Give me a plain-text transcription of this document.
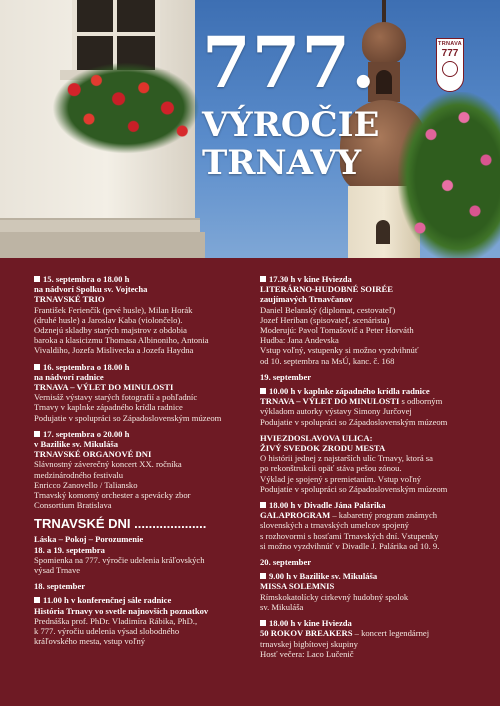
777.
VÝROČIE
TRNAVY
TRNAVA
777
15. septembra o 18.00 h
na nádvorí Spolku sv. Vojtecha
TRNAVSKÉ TRIO
František Ferienčík (prvé husle), Milan Horák
(druhé husle) a Jaroslav Kaba (violončelo).
Odznejú skladby starých majstrov z obdobia
baroka a klasicizmu Thomasa Albinoniho, Antonia
Vivaldiho, Jozefa Mislivecka a Jozefa Haydna
16. septembra o 18.00 h
na nádvorí radnice
TRNAVA – VÝLET DO MINULOSTI
Vernisáž výstavy starých fotografií a pohľadníc
Trnavy v kaplnke západného krídla radnice
Podujatie v spolupráci so Západoslovenským múzeom
17. septembra o 20.00 h
v Bazilike sv. Mikuláša
TRNAVSKÉ ORGANOVÉ DNI
Slávnostný záverečný koncert XX. ročníka
medzinárodného festivalu
Enricco Zanovello / Taliansko
Trnavský komorný orchester a spevácky zbor
Consortium Bratislava
TRNAVSKÉ DNI ....................
Láska – Pokoj – Porozumenie
18. a 19. septembra
Spomienka na 777. výročie udelenia kráľovských
výsad Trnave
18. september
11.00 h v konferenčnej sále radnice
História Trnavy vo svetle najnovších poznatkov
Prednáška prof. PhDr. Vladimíra Rábika, PhD.,
k 777. výročiu udelenia výsad slobodného
kráľovského mesta, vstup voľný
17.30 h v kine Hviezda
LITERÁRNO-HUDOBNÉ SOIRÉE
zaujímavých Trnavčanov
Daniel Belanský (diplomat, cestovateľ)
Jozef Heriban (spisovateľ, scenárista)
Moderujú: Pavol Tomašovič a Peter Horváth
Hudba: Jana Andevska
Vstup voľný, vstupenky si možno vyzdvihnúť
od 10. septembra na MsÚ, kanc. č. 168
19. september
10.00 h v kaplnke západného krídla radnice
TRNAVA – VÝLET DO MINULOSTI s odborným
výkladom autorky výstavy Simony Jurčovej
Podujatie v spolupráci so Západoslovenským múzeom
HVIEZDOSLAVOVA ULICA:
ŽIVÝ SVEDOK ZRODU MESTA
O histórii jednej z najstarších ulíc Trnavy, ktorá sa
po rekonštrukcii opäť stáva pešou zónou.
Výklad je spojený s premietaním. Vstup voľný
Podujatie v spolupráci so Západoslovenským múzeom
18.00 h v Divadle Jána Palárika
GALAPROGRAM – kabaretný program známych
slovenských a trnavských umelcov spojený
s rozhovormi s hosťami Trnavských dní. Vstupenky
si možno vyzdvihnúť v Divadle J. Palárika od 10. 9.
20. september
9.00 h v Bazilike sv. Mikuláša
MISSA SOLEMNIS
Rímskokatolícky cirkevný hudobný spolok
sv. Mikuláša
18.00 h v kine Hviezda
50 ROKOV BREAKERS – koncert legendárnej
trnavskej bigbítovej skupiny
Hosť večera: Laco Lučenič
